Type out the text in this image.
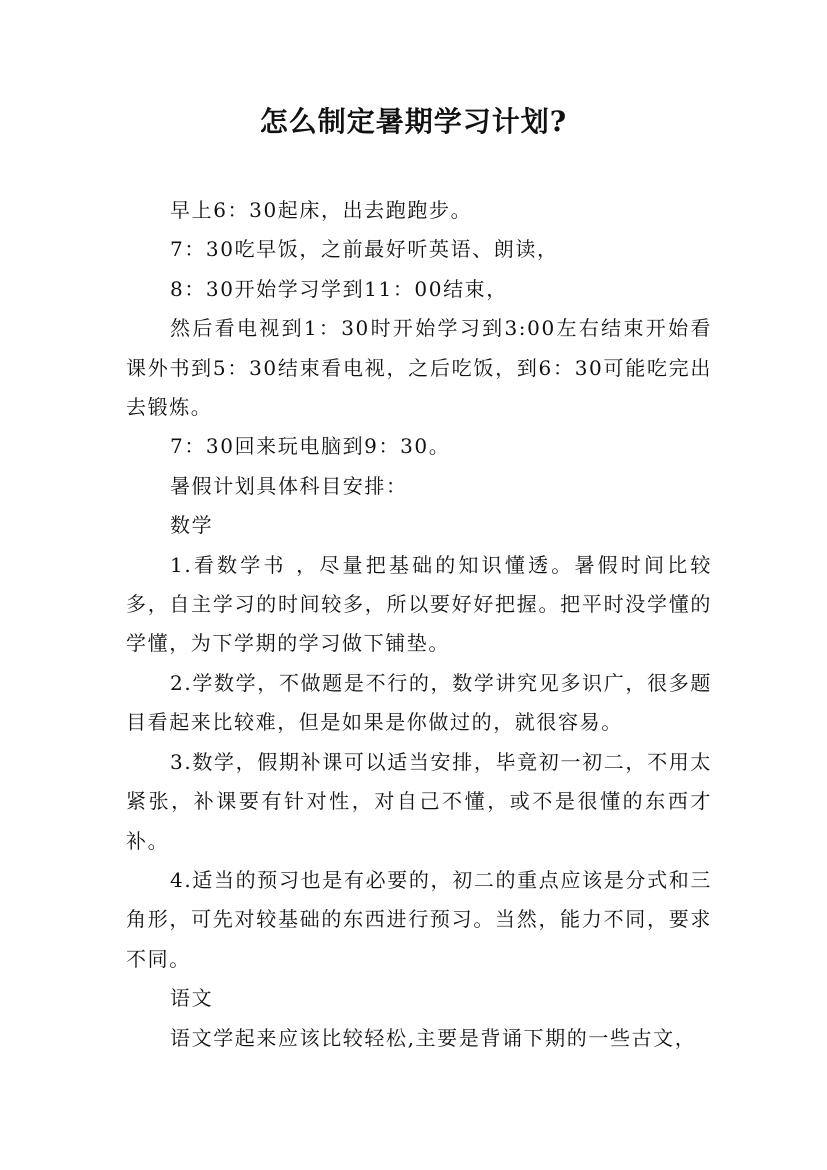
怎么制定暑期学习计划?

早上6：30起床，出去跑跑步。

7：30吃早饭，之前最好听英语、朗读，

8：30开始学习学到11：00结束，

然后看电视到1：30时开始学习到3:00左右结束开始看课外书到5：30结束看电视，之后吃饭，到6：30可能吃完出去锻炼。

7：30回来玩电脑到9：30。

暑假计划具体科目安排：

数学

1.看数学书 ，尽量把基础的知识懂透。暑假时间比较多，自主学习的时间较多，所以要好好把握。把平时没学懂的学懂，为下学期的学习做下铺垫。

2.学数学，不做题是不行的，数学讲究见多识广，很多题目看起来比较难，但是如果是你做过的，就很容易。

3.数学，假期补课可以适当安排，毕竟初一初二，不用太紧张，补课要有针对性，对自己不懂，或不是很懂的东西才补。

4.适当的预习也是有必要的，初二的重点应该是分式和三角形，可先对较基础的东西进行预习。当然，能力不同，要求不同。

语文

语文学起来应该比较轻松,主要是背诵下期的一些古文，
